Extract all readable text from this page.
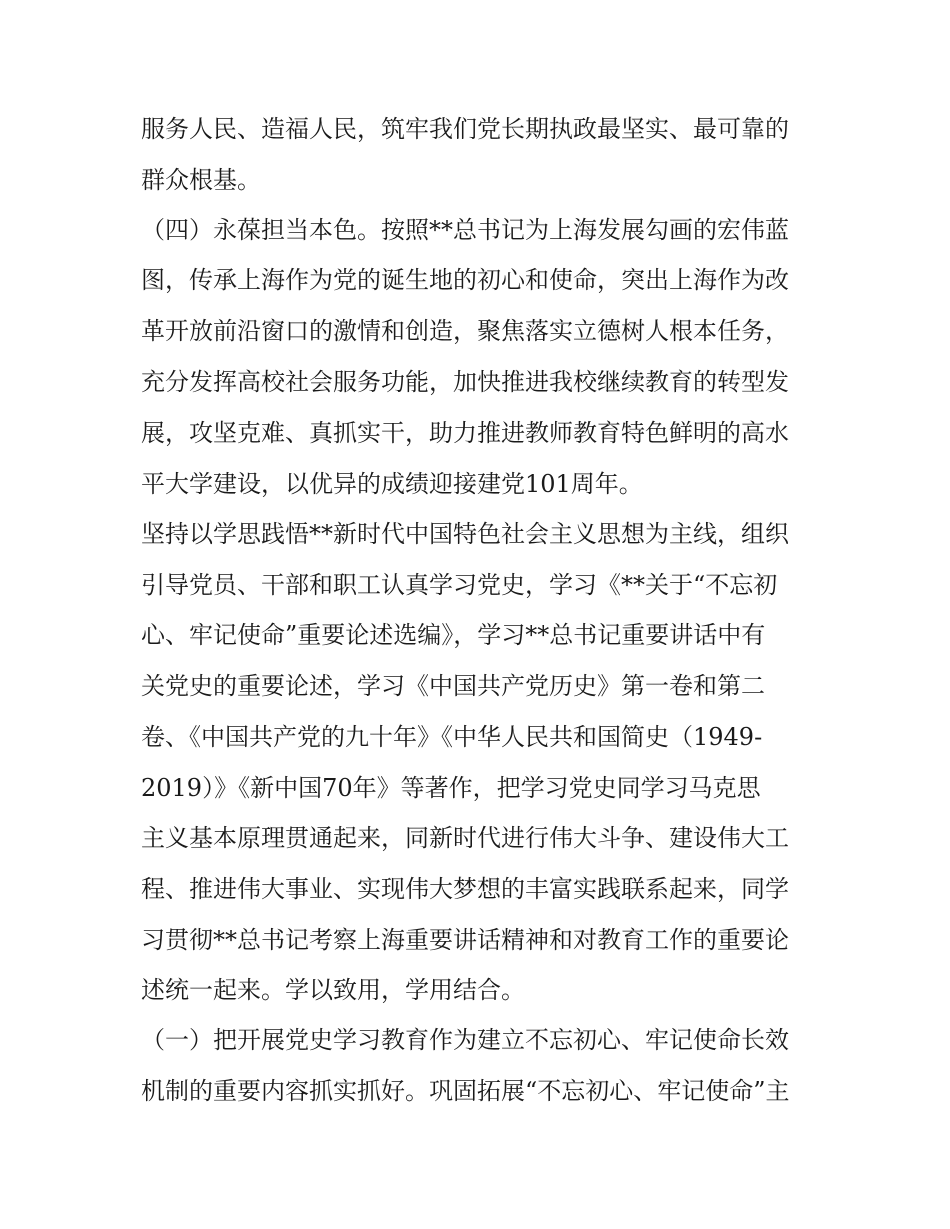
服务人民、造福人民，筑牢我们党长期执政最坚实、最可靠的
群众根基。
（四）永葆担当本色。按照**总书记为上海发展勾画的宏伟蓝
图，传承上海作为党的诞生地的初心和使命，突出上海作为改
革开放前沿窗口的激情和创造，聚焦落实立德树人根本任务，
充分发挥高校社会服务功能，加快推进我校继续教育的转型发
展，攻坚克难、真抓实干，助力推进教师教育特色鲜明的高水
平大学建设，以优异的成绩迎接建党101周年。
坚持以学思践悟**新时代中国特色社会主义思想为主线，组织
引导党员、干部和职工认真学习党史，学习《**关于“不忘初
心、牢记使命”重要论述选编》，学习**总书记重要讲话中有
关党史的重要论述，学习《中国共产党历史》第一卷和第二
卷、《中国共产党的九十年》《中华人民共和国简史（1949-
2019）》《新中国70年》等著作，把学习党史同学习马克思
主义基本原理贯通起来，同新时代进行伟大斗争、建设伟大工
程、推进伟大事业、实现伟大梦想的丰富实践联系起来，同学
习贯彻**总书记考察上海重要讲话精神和对教育工作的重要论
述统一起来。学以致用，学用结合。
（一）把开展党史学习教育作为建立不忘初心、牢记使命长效
机制的重要内容抓实抓好。巩固拓展“不忘初心、牢记使命”主
